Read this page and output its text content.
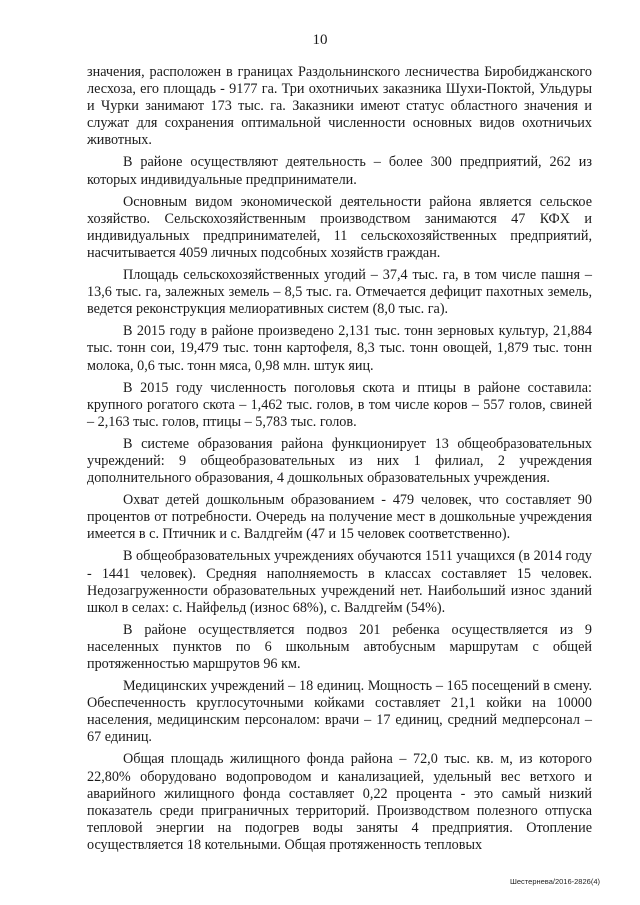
10

значения, расположен в границах Раздольнинского лесничества Биробиджанского лесхоза, его площадь - 9177 га. Три охотничьих заказника Шухи-Поктой, Ульдуры и Чурки занимают 173 тыс. га. Заказники имеют статус областного значения и служат для сохранения оптимальной численности основных видов охотничьих животных.

В районе осуществляют деятельность – более 300 предприятий, 262 из которых индивидуальные предприниматели.

Основным видом экономической деятельности района является сельское хозяйство. Сельскохозяйственным производством занимаются 47 КФХ и индивидуальных предпринимателей, 11 сельскохозяйственных предприятий, насчитывается 4059 личных подсобных хозяйств граждан.

Площадь сельскохозяйственных угодий – 37,4 тыс. га, в том числе пашня – 13,6 тыс. га, залежных земель – 8,5 тыс. га. Отмечается дефицит пахотных земель, ведется реконструкция мелиоративных систем (8,0 тыс. га).

В 2015 году в районе произведено 2,131 тыс. тонн зерновых культур, 21,884 тыс. тонн сои, 19,479 тыс. тонн картофеля, 8,3 тыс. тонн овощей, 1,879 тыс. тонн молока, 0,6 тыс. тонн мяса, 0,98 млн. штук яиц.

В 2015 году численность поголовья скота и птицы в районе составила: крупного рогатого скота – 1,462 тыс. голов, в том числе коров – 557 голов, свиней – 2,163 тыс. голов, птицы – 5,783 тыс. голов.

В системе образования района функционирует 13 общеобразовательных учреждений: 9 общеобразовательных из них 1 филиал, 2 учреждения дополнительного образования, 4 дошкольных образовательных учреждения.

Охват детей дошкольным образованием - 479 человек, что составляет 90 процентов от потребности. Очередь на получение мест в дошкольные учреждения имеется в с. Птичник и с. Валдгейм (47 и 15 человек соответственно).

В общеобразовательных учреждениях обучаются 1511 учащихся (в 2014 году - 1441 человек). Средняя наполняемость в классах составляет 15 человек. Недозагруженности образовательных учреждений нет. Наибольший износ зданий школ в селах: с. Найфельд (износ 68%), с. Валдгейм (54%).

В районе осуществляется подвоз 201 ребенка осуществляется из 9 населенных пунктов по 6 школьным автобусным маршрутам с общей протяженностью маршрутов 96 км.

Медицинских учреждений – 18 единиц. Мощность – 165 посещений в смену. Обеспеченность круглосуточными койками составляет 21,1 койки на 10000 населения, медицинским персоналом: врачи – 17 единиц, средний медперсонал – 67 единиц.

Общая площадь жилищного фонда района – 72,0 тыс. кв. м, из которого 22,80% оборудовано водопроводом и канализацией, удельный вес ветхого и аварийного жилищного фонда составляет 0,22 процента - это самый низкий показатель среди приграничных территорий. Производством полезного отпуска тепловой энергии на подогрев воды заняты 4 предприятия. Отопление осуществляется 18 котельными. Общая протяженность тепловых

Шестернева/2016-2826(4)
